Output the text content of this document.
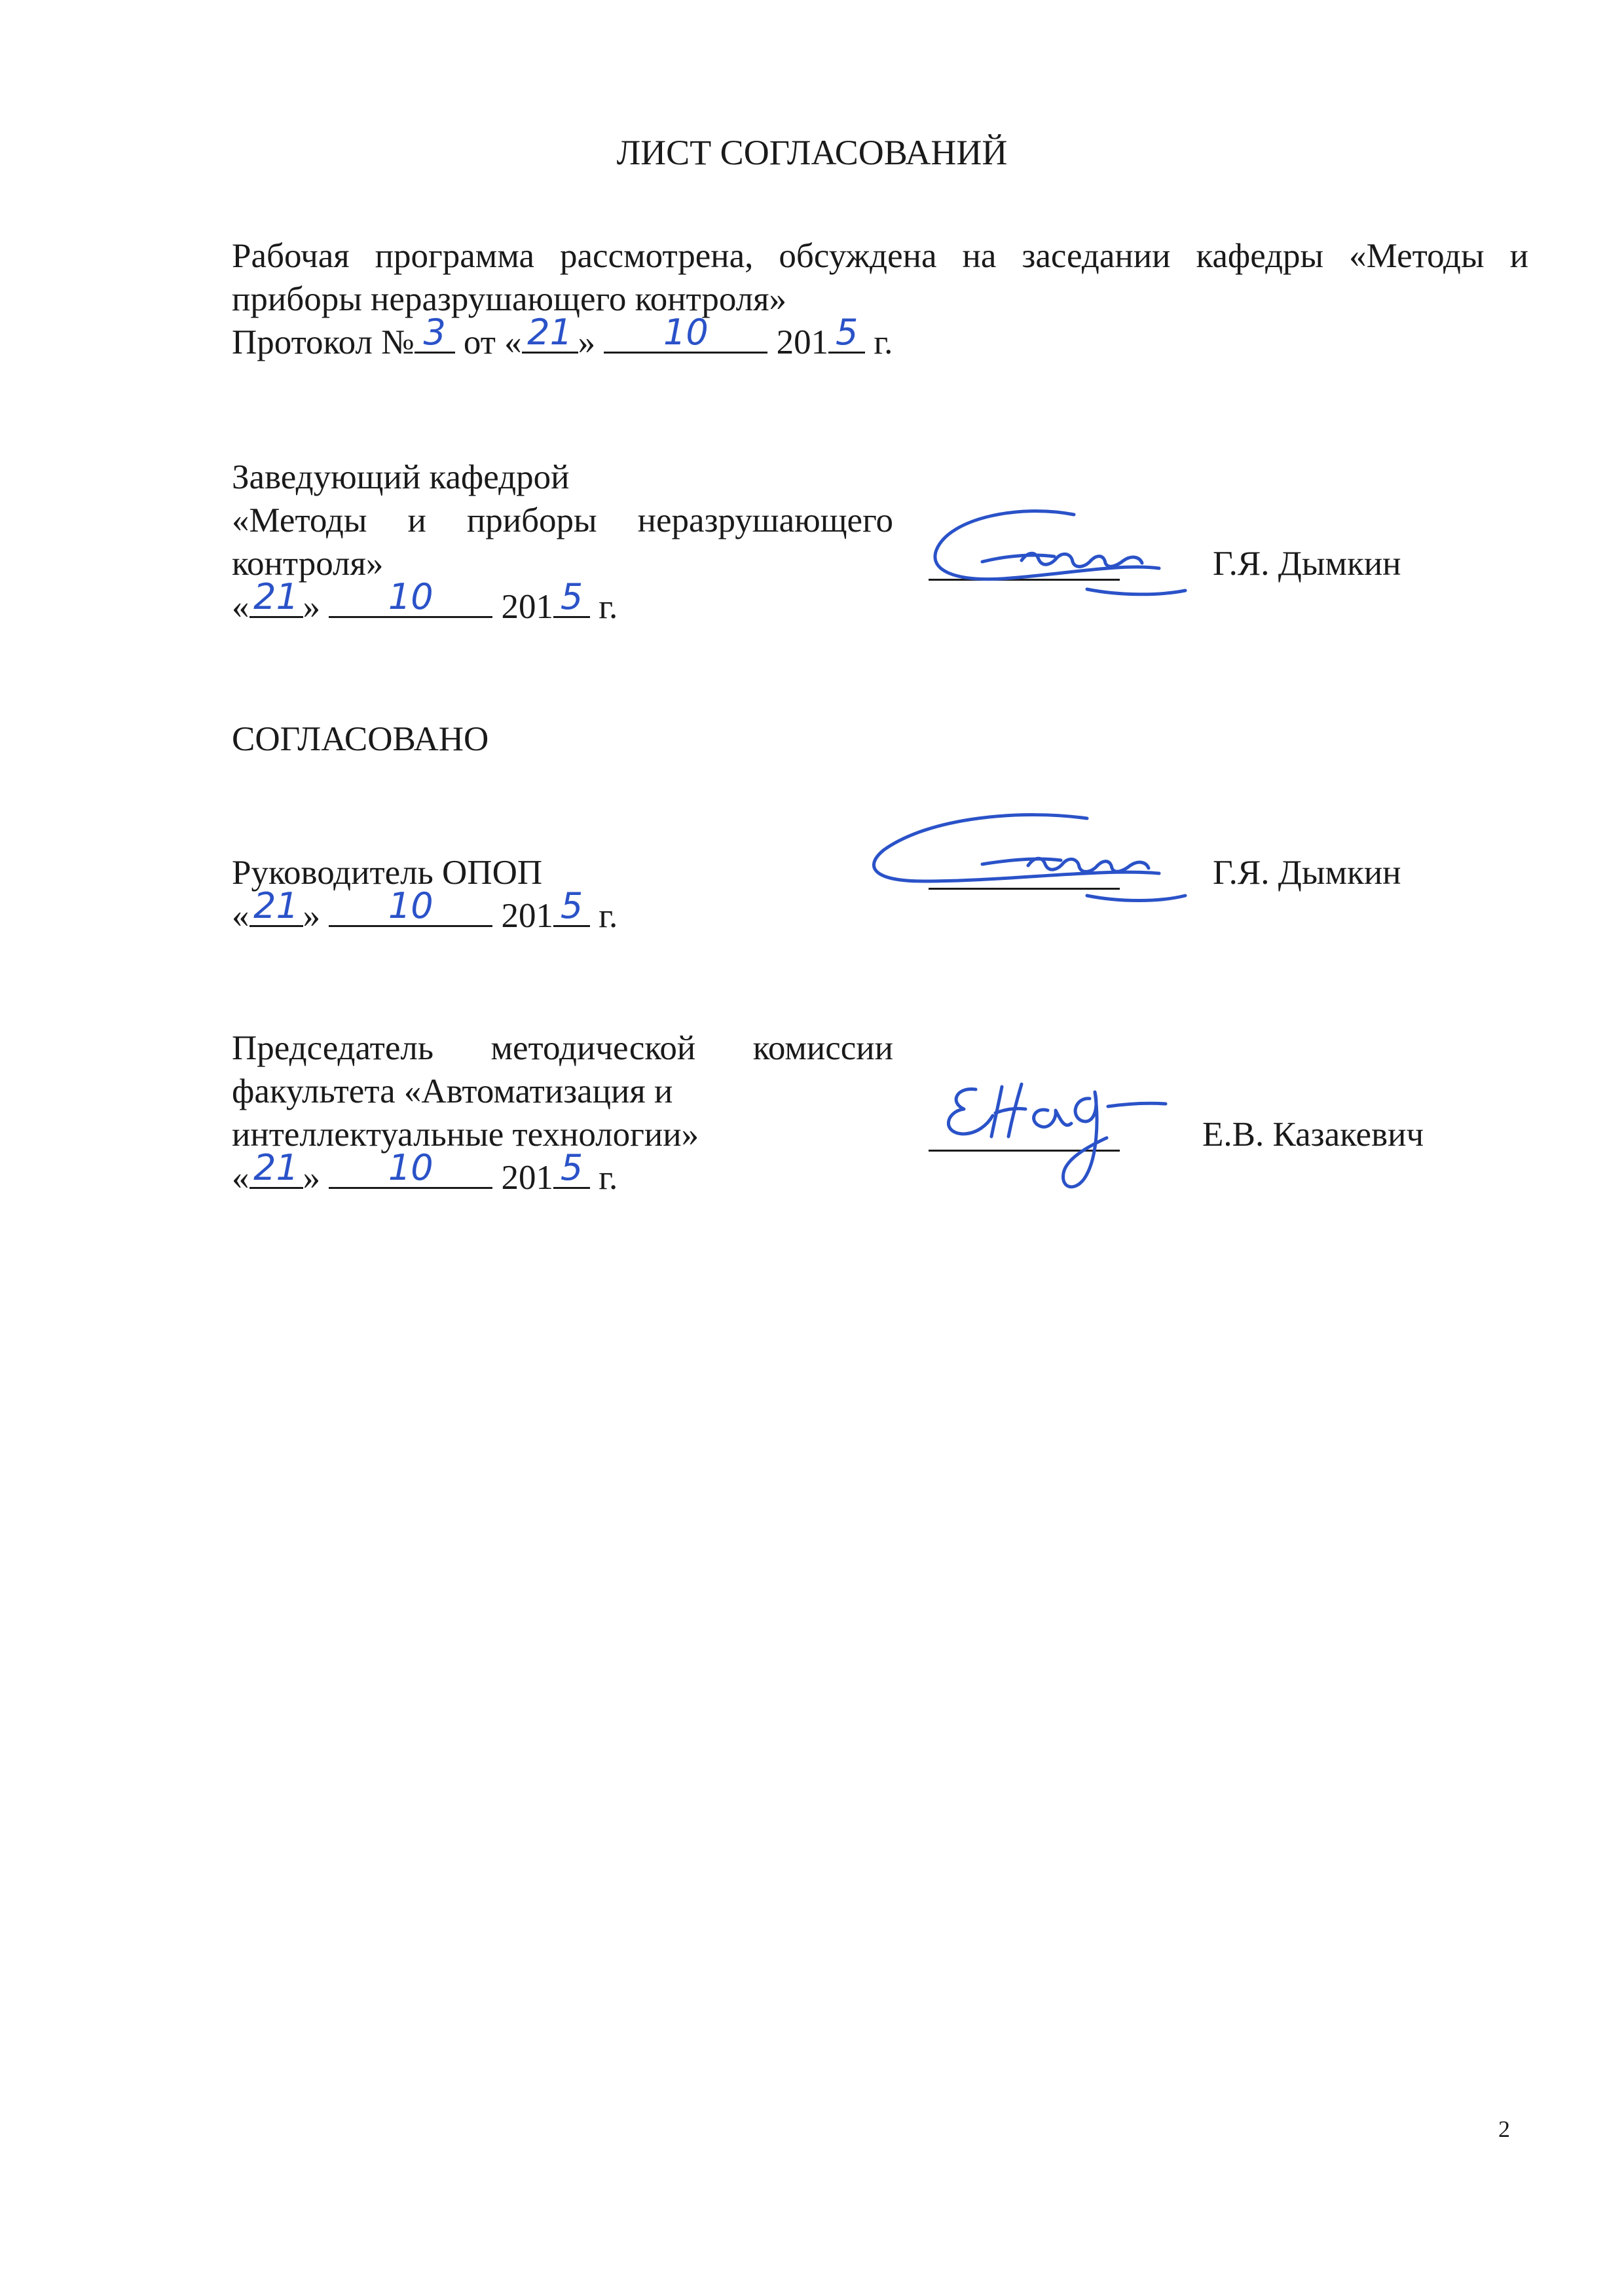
ЛИСТ СОГЛАСОВАНИЙ
Рабочая программа рассмотрена, обсуждена на заседании кафедры «Методы и приборы неразрушающего контроля»
Протокол № 3 от « 21 »	10	201 5 г.
Заведующий кафедрой
«Методы и приборы неразрушающего
контроля»
« 21 »	10	201 5 г.
Г.Я. Дымкин
СОГЛАСОВАНО
Руководитель ОПОП
« 21 »	10	201 5 г.
Г.Я. Дымкин
Председатель методической комиссии
факультета «Автоматизация и
интеллектуальные технологии»
« 21 »	10	201 5 г.
Е.В. Казакевич
2
